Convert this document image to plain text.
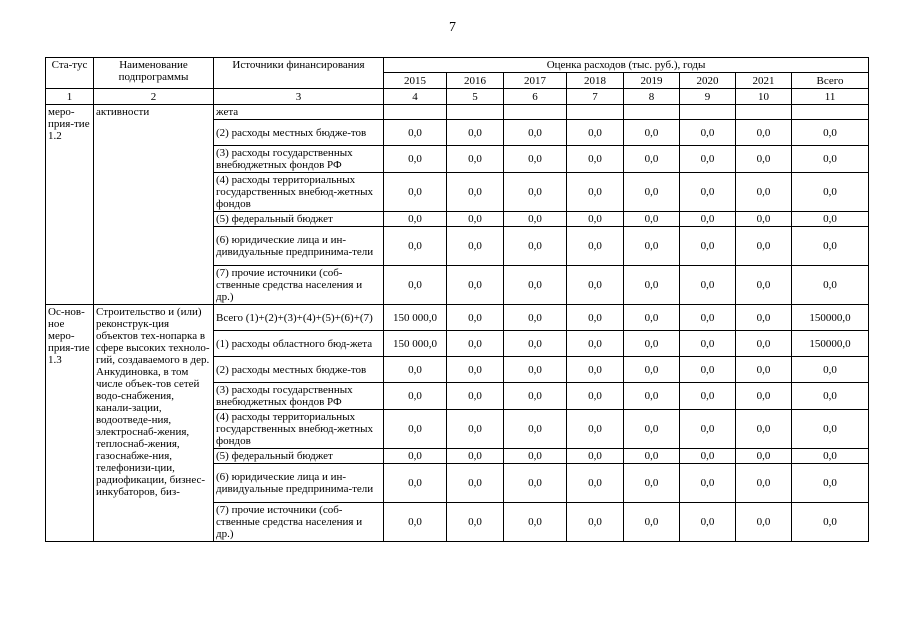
7
Ста-тус	Наименование подпрограммы	Источники финансирования	Оценка расходов (тыс. руб.), годы							
			2015	2016	2017	2018	2019	2020	2021	Всего
1	2	3	4	5	6	7	8	9	10	11
меро-прия-тие 1.2	активности	жета								
		(2) расходы местных бюдже-тов	0,0	0,0	0,0	0,0	0,0	0,0	0,0	0,0
		(3) расходы государственных внебюджетных фондов РФ	0,0	0,0	0,0	0,0	0,0	0,0	0,0	0,0
		(4) расходы территориальных государственных внебюд-жетных фондов	0,0	0,0	0,0	0,0	0,0	0,0	0,0	0,0
		(5) федеральный бюджет	0,0	0,0	0,0	0,0	0,0	0,0	0,0	0,0
		(6) юридические лица и ин-дивидуальные предпринима-тели	0,0	0,0	0,0	0,0	0,0	0,0	0,0	0,0
		(7) прочие источники (соб-ственные средства населения и др.)	0,0	0,0	0,0	0,0	0,0	0,0	0,0	0,0
Ос-нов-ное меро-прия-тие 1.3	Строительство и (или) реконструк-ция объектов тех-нопарка в сфере высоких техноло-гий, создаваемого в дер. Анкудиновка, в том числе объек-тов сетей водо-снабжения, канали-зации, водоотведе-ния, электроснаб-жения, теплоснаб-жения, газоснабже-ния, телефонизи-ции, радиофикации, бизнес-инкубаторов, биз-	Всего (1)+(2)+(3)+(4)+(5)+(6)+(7)	150 000,0	0,0	0,0	0,0	0,0	0,0	0,0	150000,0
		(1) расходы областного бюд-жета	150 000,0	0,0	0,0	0,0	0,0	0,0	0,0	150000,0
		(2) расходы местных бюдже-тов	0,0	0,0	0,0	0,0	0,0	0,0	0,0	0,0
		(3) расходы государственных внебюджетных фондов РФ	0,0	0,0	0,0	0,0	0,0	0,0	0,0	0,0
		(4) расходы территориальных государственных внебюд-жетных фондов	0,0	0,0	0,0	0,0	0,0	0,0	0,0	0,0
		(5) федеральный бюджет	0,0	0,0	0,0	0,0	0,0	0,0	0,0	0,0
		(6) юридические лица и ин-дивидуальные предпринима-тели	0,0	0,0	0,0	0,0	0,0	0,0	0,0	0,0
		(7) прочие источники (соб-ственные средства населения и др.)	0,0	0,0	0,0	0,0	0,0	0,0	0,0	0,0
